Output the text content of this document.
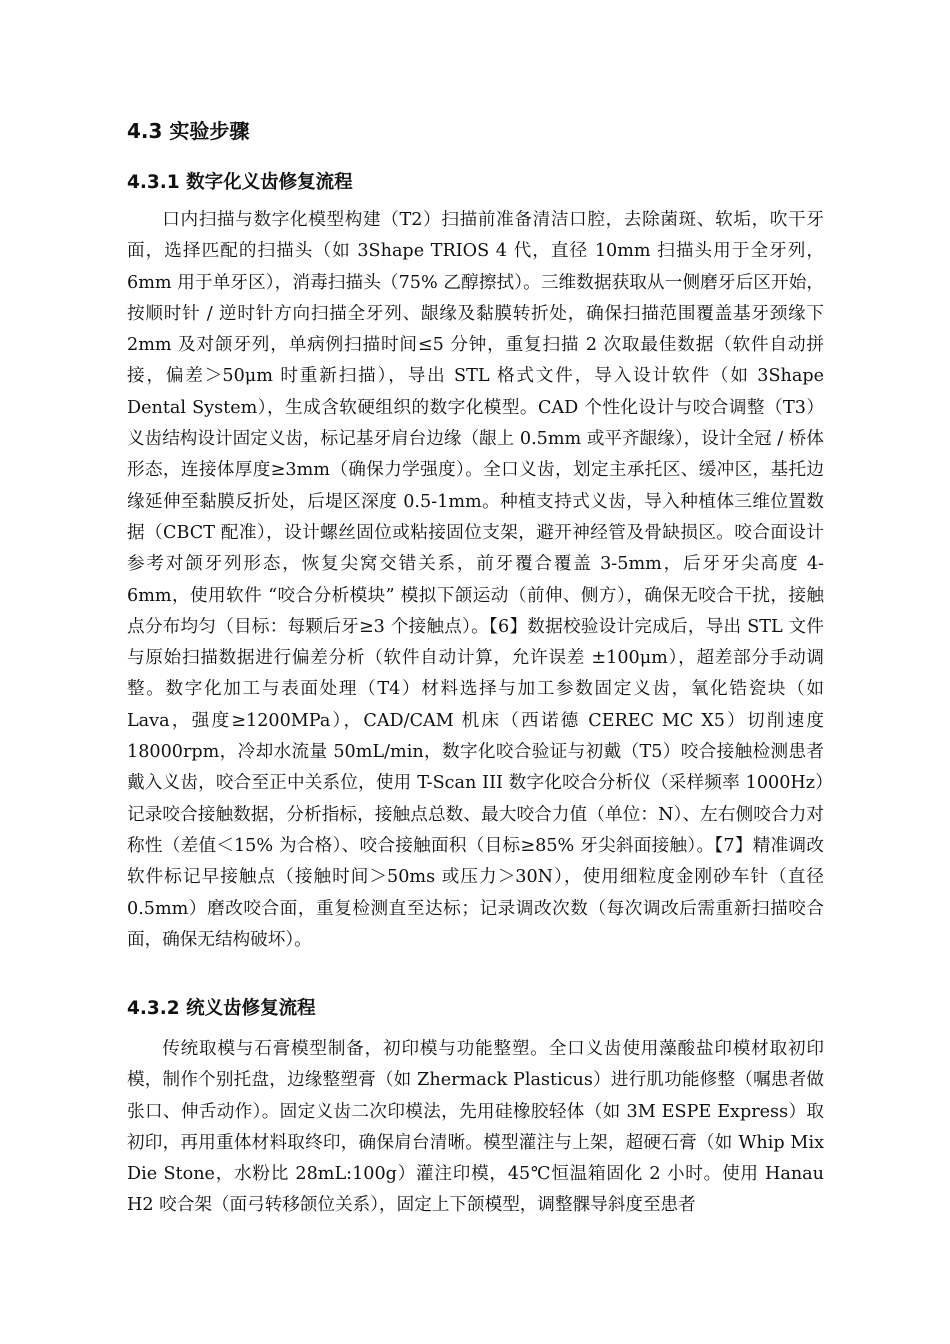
4.3 实验步骤
4.3.1 数字化义齿修复流程

口内扫描与数字化模型构建（T2）扫描前准备清洁口腔，去除菌斑、软垢，吹干牙面，选择匹配的扫描头（如 3Shape TRIOS 4 代，直径 10mm 扫描头用于全牙列，6mm 用于单牙区），消毒扫描头（75% 乙醇擦拭）。三维数据获取从一侧磨牙后区开始，按顺时针 / 逆时针方向扫描全牙列、龈缘及黏膜转折处，确保扫描范围覆盖基牙颈缘下 2mm 及对颌牙列，单病例扫描时间≤5 分钟，重复扫描 2 次取最佳数据（软件自动拼接，偏差＞50μm 时重新扫描），导出 STL 格式文件，导入设计软件（如 3Shape Dental System），生成含软硬组织的数字化模型。CAD 个性化设计与咬合调整（T3）义齿结构设计固定义齿，标记基牙肩台边缘（龈上 0.5mm 或平齐龈缘），设计全冠 / 桥体形态，连接体厚度≥3mm（确保力学强度）。全口义齿，划定主承托区、缓冲区，基托边缘延伸至黏膜反折处，后堤区深度 0.5-1mm。种植支持式义齿，导入种植体三维位置数据（CBCT 配准），设计螺丝固位或粘接固位支架，避开神经管及骨缺损区。咬合面设计参考对颌牙列形态，恢复尖窝交错关系，前牙覆合覆盖 3-5mm，后牙牙尖高度 4-6mm，使用软件 “咬合分析模块” 模拟下颌运动（前伸、侧方），确保无咬合干扰，接触点分布均匀（目标：每颗后牙≥3 个接触点）。【6】数据校验设计完成后，导出 STL 文件与原始扫描数据进行偏差分析（软件自动计算，允许误差 ±100μm），超差部分手动调整。数字化加工与表面处理（T4）材料选择与加工参数固定义齿，氧化锆瓷块（如 Lava，强度≥1200MPa），CAD/CAM 机床（西诺德 CEREC MC X5）切削速度 18000rpm，冷却水流量 50mL/min，数字化咬合验证与初戴（T5）咬合接触检测患者戴入义齿，咬合至正中关系位，使用 T-Scan III 数字化咬合分析仪（采样频率 1000Hz）记录咬合接触数据，分析指标，接触点总数、最大咬合力值（单位：N）、左右侧咬合力对称性（差值＜15% 为合格）、咬合接触面积（目标≥85% 牙尖斜面接触）。【7】精准调改软件标记早接触点（接触时间＞50ms 或压力＞30N），使用细粒度金刚砂车针（直径 0.5mm）磨改咬合面，重复检测直至达标；记录调改次数（每次调改后需重新扫描咬合面，确保无结构破坏）。

4.3.2 统义齿修复流程

传统取模与石膏模型制备，初印模与功能整塑。全口义齿使用藻酸盐印模材取初印模，制作个别托盘，边缘整塑膏（如 Zhermack Plasticus）进行肌功能修整（嘱患者做张口、伸舌动作）。固定义齿二次印模法，先用硅橡胶轻体（如 3M ESPE Express）取初印，再用重体材料取终印，确保肩台清晰。模型灌注与上架，超硬石膏（如 Whip Mix Die Stone，水粉比 28mL:100g）灌注印模，45℃恒温箱固化 2 小时。使用 Hanau H2 咬合架（面弓转移颌位关系），固定上下颌模型，调整髁导斜度至患者
